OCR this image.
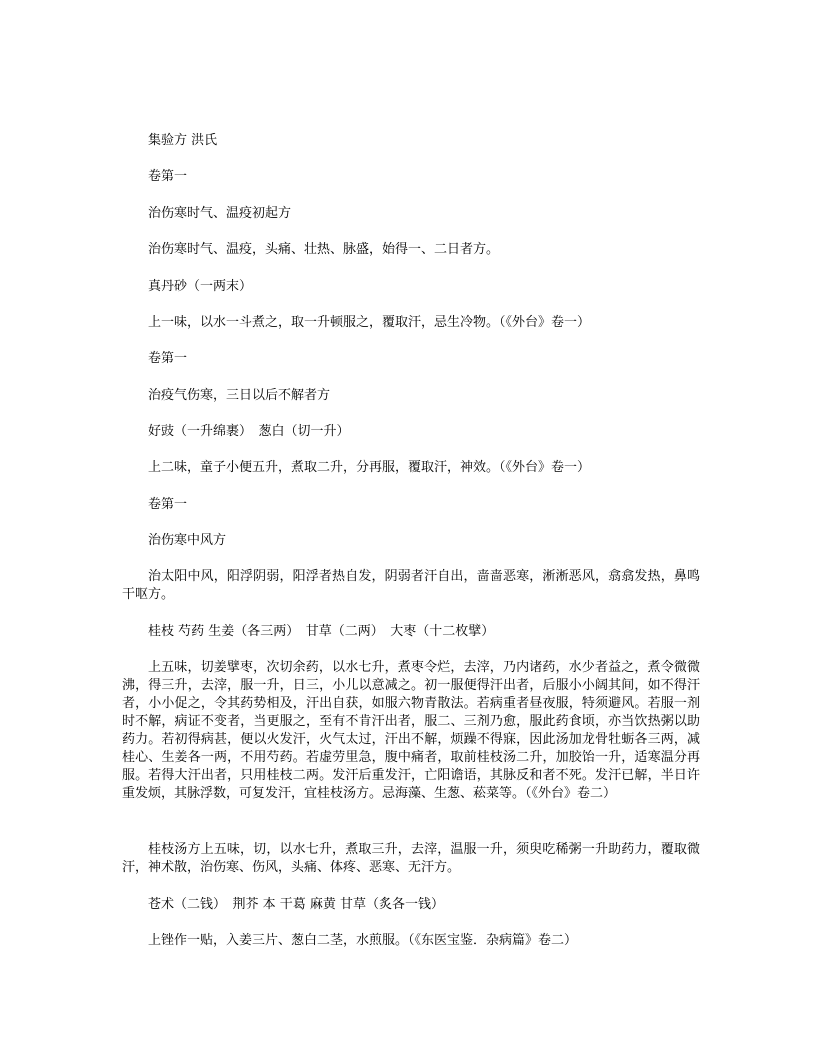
集验方 洪氏
卷第一
治伤寒时气、温疫初起方
治伤寒时气、温疫，头痛、壮热、脉盛，始得一、二日者方。
真丹砂（一两末）
上一味，以水一斗煮之，取一升顿服之，覆取汗，忌生冷物。（《外台》卷一）
卷第一
治疫气伤寒，三日以后不解者方
好豉（一升绵裹）　葱白（切一升）
上二味，童子小便五升，煮取二升，分再服，覆取汗，神效。（《外台》卷一）
卷第一
治伤寒中风方
治太阳中风，阳浮阴弱，阳浮者热自发，阴弱者汗自出，啬啬恶寒，淅淅恶风，翕翕发热，鼻鸣干呕方。
桂枝 芍药 生姜（各三两）　甘草（二两）　大枣（十二枚擘）
上五味，切姜擘枣，次切余药，以水七升，煮枣令烂，去滓，乃内诸药，水少者益之，煮令微微沸，得三升，去滓，服一升，日三，小儿以意减之。初一服便得汗出者，后服小小阔其间，如不得汗者，小小促之，令其药势相及，汗出自获，如服六物青散法。若病重者昼夜服，特须避风。若服一剂 时不解，病证不变者，当更服之，至有不肯汗出者，服二、三剂乃愈，服此药食顷，亦当饮热粥以助药力。若初得病甚，便以火发汗，火气太过，汗出不解，烦躁不得寐，因此汤加龙骨牡蛎各三两，减桂心、生姜各一两，不用芍药。若虚劳里急，腹中痛者，取前桂枝汤二升，加胶饴一升，适寒温分再服。若得大汗出者，只用桂枝二两。发汗后重发汗，亡阳谵语，其脉反和者不死。发汗已解，半日许重发烦，其脉浮数，可复发汗，宜桂枝汤方。忌海藻、生葱、菘菜等。（《外台》卷二）
桂枝汤方上五味，切，以水七升，煮取三升，去滓，温服一升，须臾吃稀粥一升助药力，覆取微汗，神术散，治伤寒、伤风，头痛、体疼、恶寒、无汗方。
苍术（二钱）　荆芥 本 干葛 麻黄 甘草（炙各一钱）
上锉作一贴，入姜三片、葱白二茎，水煎服。（《东医宝鉴．杂病篇》卷二）
